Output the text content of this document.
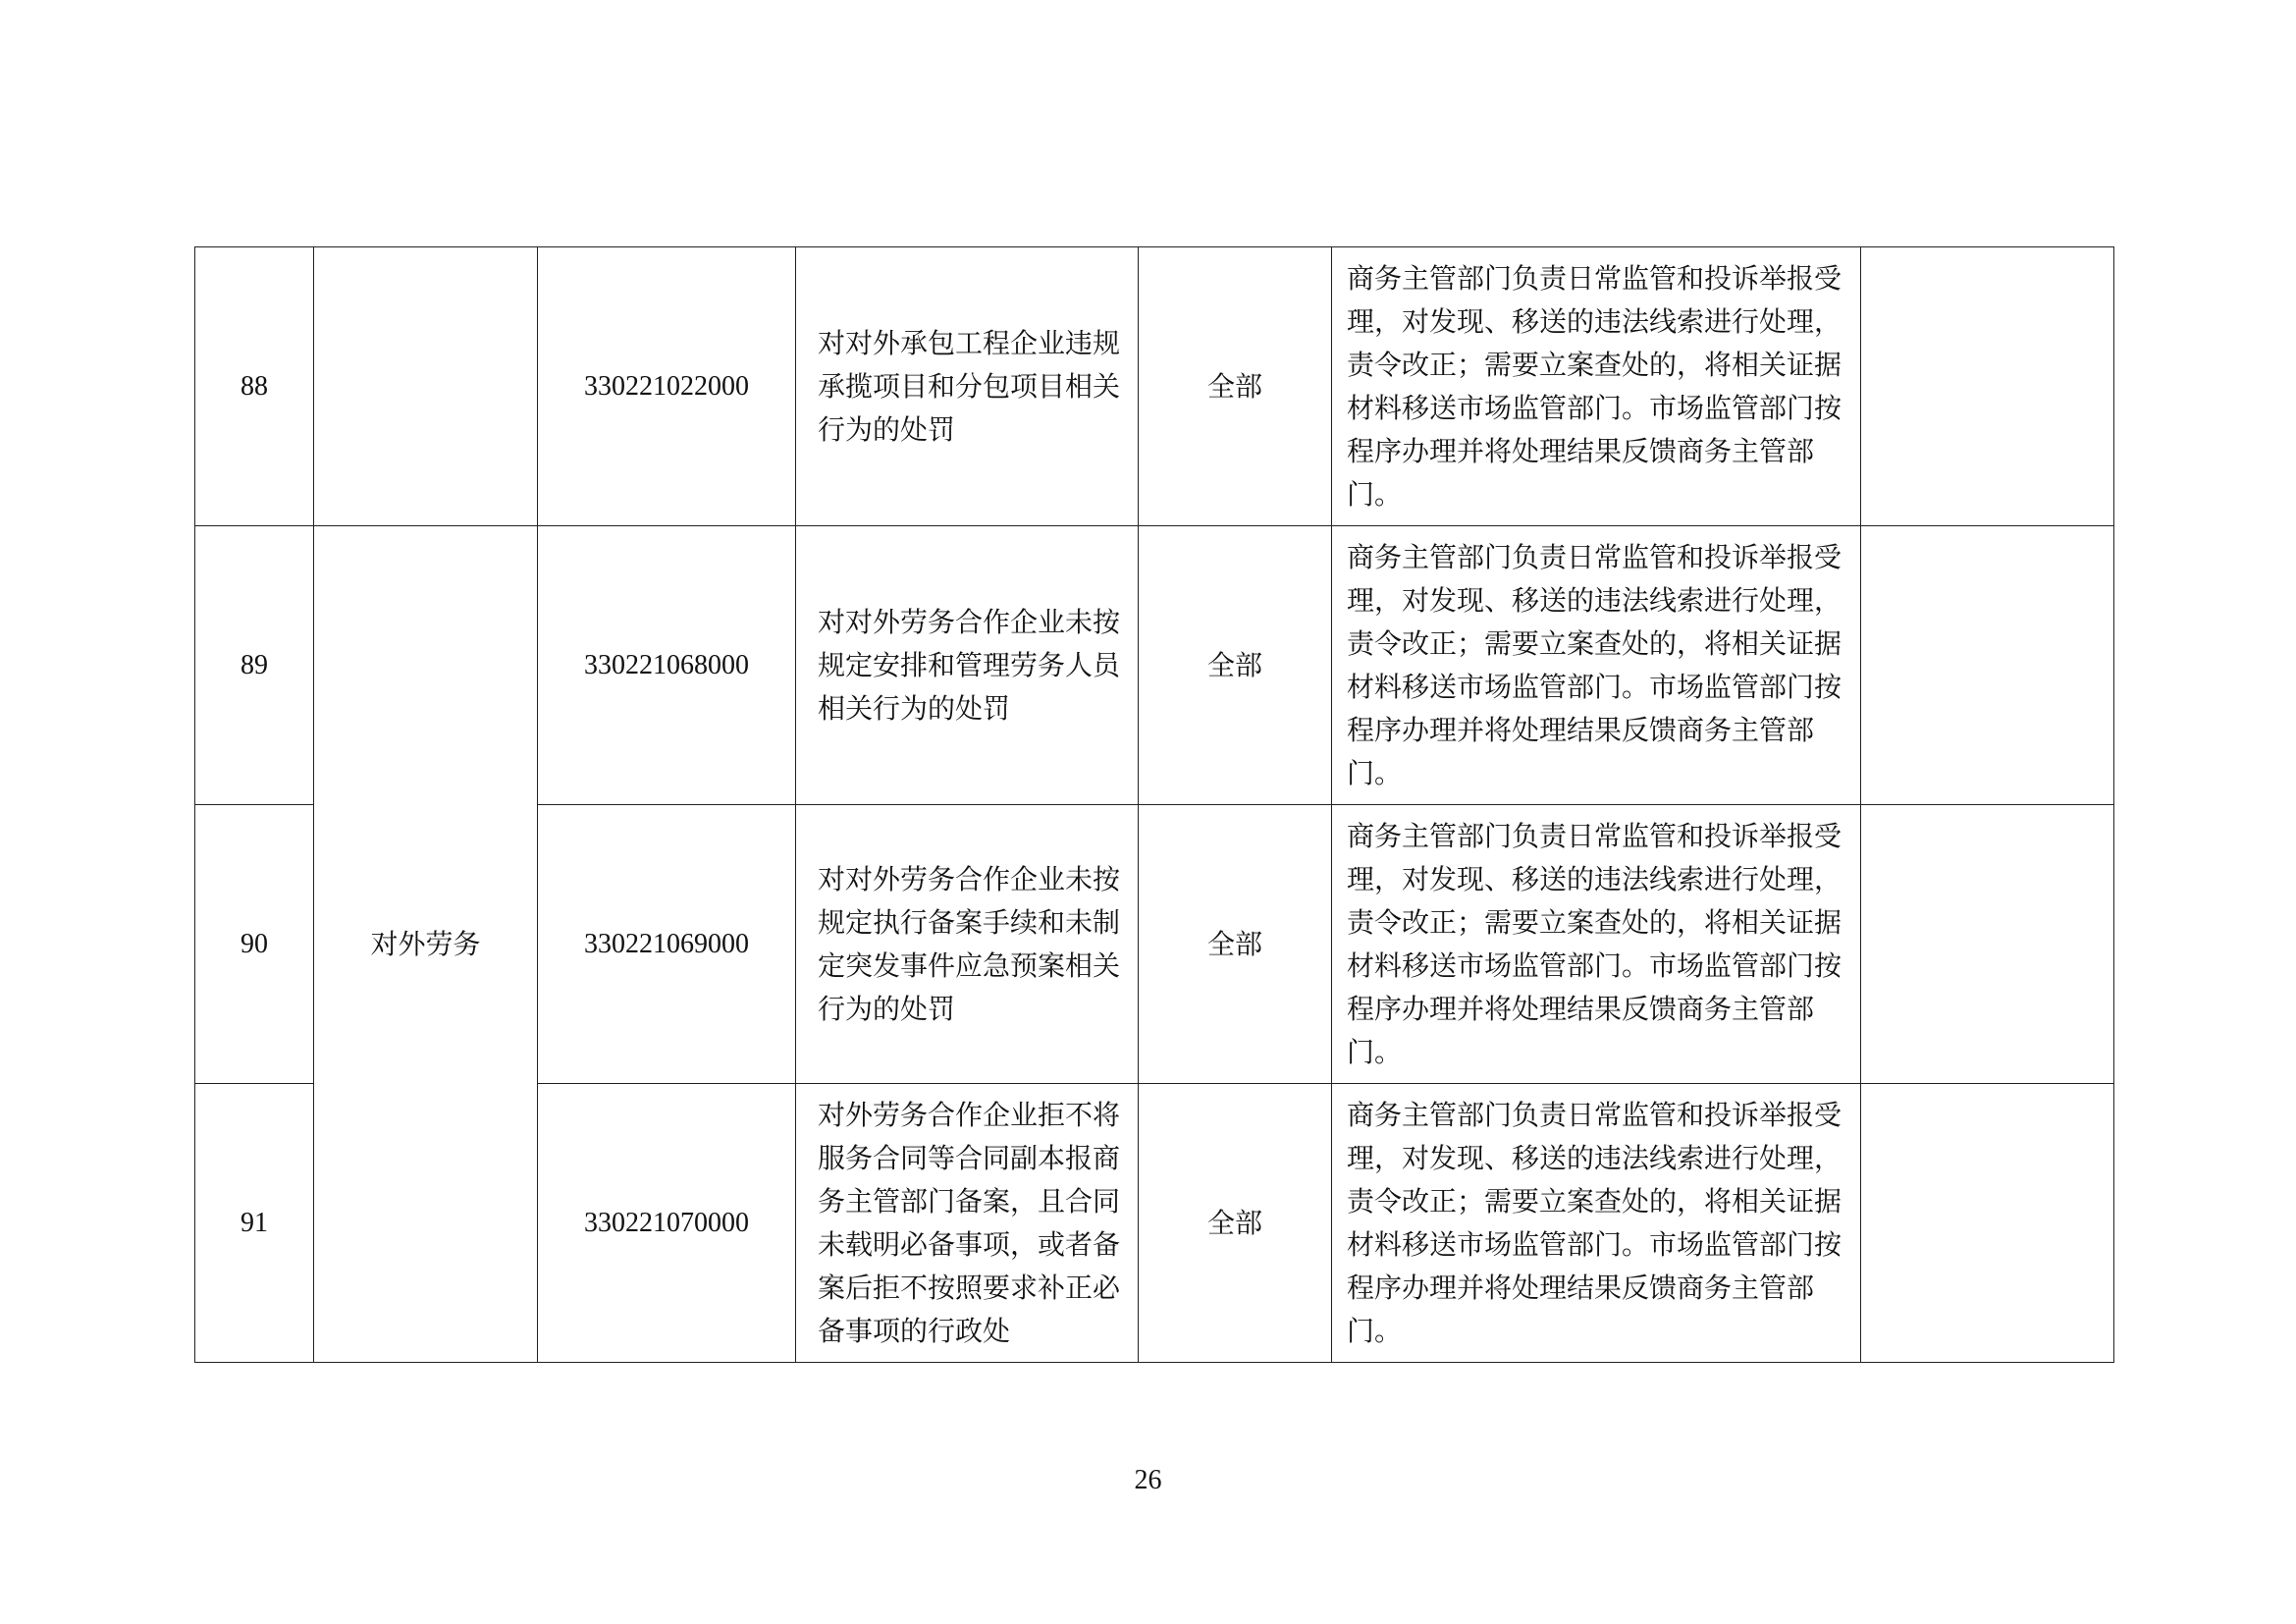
88		330221022000	对对外承包工程企业违规承揽项目和分包项目相关行为的处罚	全部	商务主管部门负责日常监管和投诉举报受理，对发现、移送的违法线索进行处理，责令改正；需要立案查处的，将相关证据材料移送市场监管部门。市场监管部门按程序办理并将处理结果反馈商务主管部门。	
89	对外劳务	330221068000	对对外劳务合作企业未按规定安排和管理劳务人员相关行为的处罚	全部	商务主管部门负责日常监管和投诉举报受理，对发现、移送的违法线索进行处理，责令改正；需要立案查处的，将相关证据材料移送市场监管部门。市场监管部门按程序办理并将处理结果反馈商务主管部门。	
90		330221069000	对对外劳务合作企业未按规定执行备案手续和未制定突发事件应急预案相关行为的处罚	全部	商务主管部门负责日常监管和投诉举报受理，对发现、移送的违法线索进行处理，责令改正；需要立案查处的，将相关证据材料移送市场监管部门。市场监管部门按程序办理并将处理结果反馈商务主管部门。	
91		330221070000	对外劳务合作企业拒不将服务合同等合同副本报商务主管部门备案，且合同未载明必备事项，或者备案后拒不按照要求补正必备事项的行政处	全部	商务主管部门负责日常监管和投诉举报受理，对发现、移送的违法线索进行处理，责令改正；需要立案查处的，将相关证据材料移送市场监管部门。市场监管部门按程序办理并将处理结果反馈商务主管部门。	
26
